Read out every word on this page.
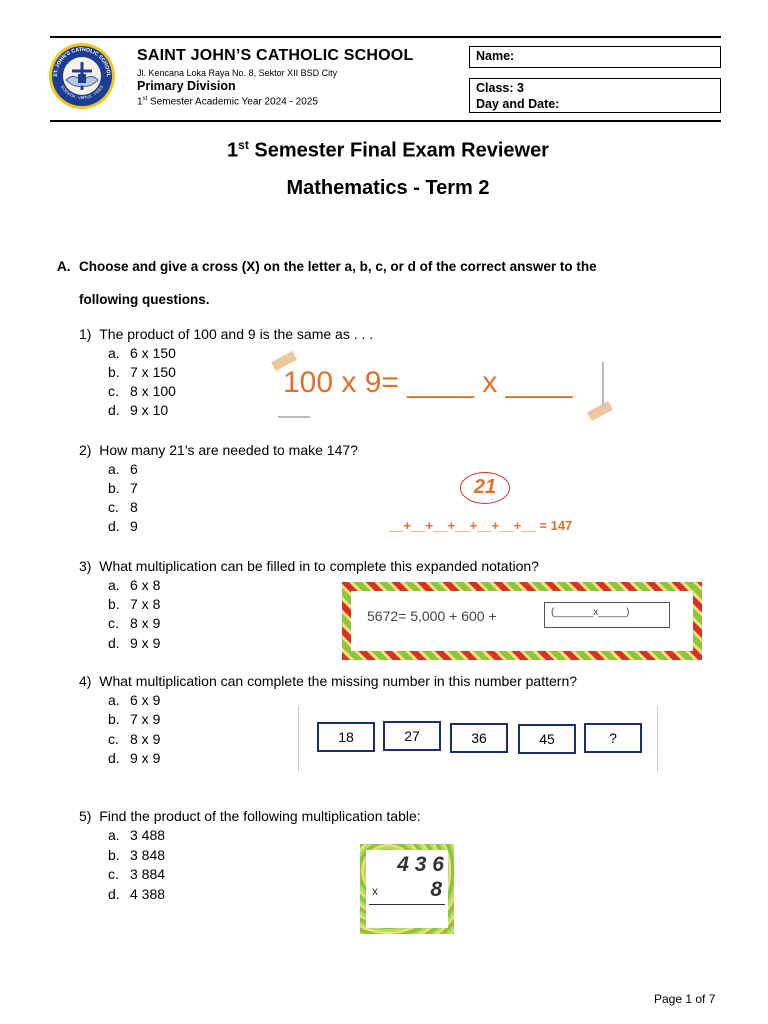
ST. JOHN'S CATHOLIC SCHOOL
SCIENTIA · VIRTUS · FIDES
SAINT JOHN’S CATHOLIC SCHOOL
Jl. Kencana Loka Raya No. 8, Sektor XII BSD City
Primary Division
1st Semester Academic Year 2024 - 2025
Name:
Class: 3
Day and Date:
1st Semester Final Exam Reviewer
Mathematics - Term 2
A. Choose and give a cross (X) on the letter a, b, c, or d of the correct answer to the
following questions.
1) The product of 100 and 9 is the same as . . .
a. 6 x 150
b. 7 x 150
c. 8 x 100
d. 9 x 10
100 x 9= ____ x ____
2) How many 21's are needed to make 147?
a. 6
b. 7
c. 8
d. 9
21
__+__+__+__+__+__+__ = 147
3) What multiplication can be filled in to complete this expanded notation?
a. 6 x 8
b. 7 x 8
c. 8 x 9
d. 9 x 9
5672= 5,000 + 600 +	(_______x_____)
4) What multiplication can complete the missing number in this number pattern?
a. 6 x 9
b. 7 x 9
c. 8 x 9
d. 9 x 9
18	27	36	45	?
5) Find the product of the following multiplication table:
a. 3 488
b. 3 848
c. 3 884
d. 4 388
4 3 6
x 8
Page 1 of 7
